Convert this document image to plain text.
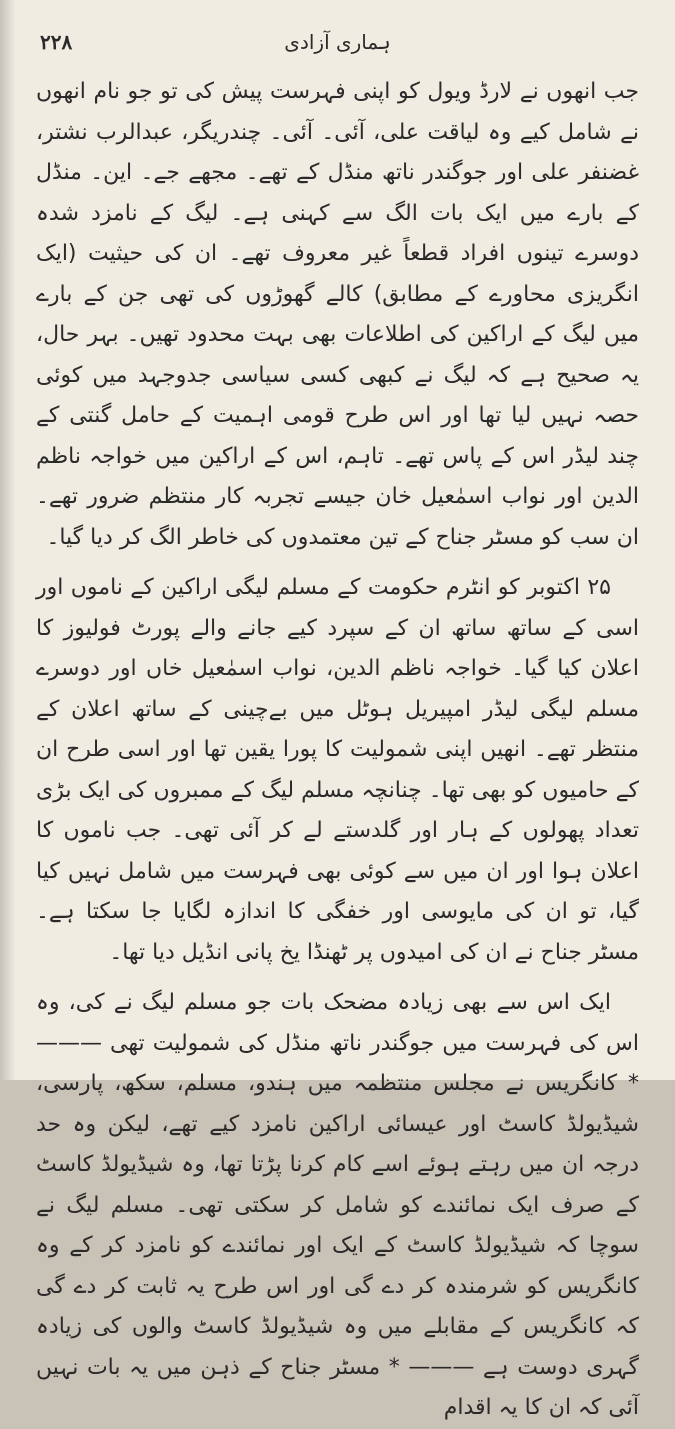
۲۲۸	ہماری آزادی

جب انھوں نے لارڈ ویول کو اپنی فہرست پیش کی تو جو نام انھوں نے شامل کیے وہ لیاقت علی، آئی۔ آئی۔ چندریگر، عبدالرب نشتر، غضنفر علی اور جوگندر ناتھ منڈل کے تھے۔ مجھے جے۔ این۔ منڈل کے بارے میں ایک بات الگ سے کہنی ہے۔ لیگ کے نامزد شدہ دوسرے تینوں افراد قطعاً غیر معروف تھے۔ ان کی حیثیت (ایک انگریزی محاورے کے مطابق) کالے گھوڑوں کی تھی جن کے بارے میں لیگ کے اراکین کی اطلاعات بھی بہت محدود تھیں۔ بہر حال، یہ صحیح ہے کہ لیگ نے کبھی کسی سیاسی جدوجہد میں کوئی حصہ نہیں لیا تھا اور اس طرح قومی اہمیت کے حامل گنتی کے چند لیڈر اس کے پاس تھے۔ تاہم، اس کے اراکین میں خواجہ ناظم الدین اور نواب اسمٰعیل خان جیسے تجربہ کار منتظم ضرور تھے۔ ان سب کو مسٹر جناح کے تین معتمدوں کی خاطر الگ کر دیا گیا۔

۲۵ اکتوبر کو انٹرم حکومت کے مسلم لیگی اراکین کے ناموں اور اسی کے ساتھ ساتھ ان کے سپرد کیے جانے والے پورٹ فولیوز کا اعلان کیا گیا۔ خواجہ ناظم الدین، نواب اسمٰعیل خاں اور دوسرے مسلم لیگی لیڈر امپیریل ہوٹل میں بےچینی کے ساتھ اعلان کے منتظر تھے۔ انھیں اپنی شمولیت کا پورا یقین تھا اور اسی طرح ان کے حامیوں کو بھی تھا۔ چنانچہ مسلم لیگ کے ممبروں کی ایک بڑی تعداد پھولوں کے ہار اور گلدستے لے کر آئی تھی۔ جب ناموں کا اعلان ہوا اور ان میں سے کوئی بھی فہرست میں شامل نہیں کیا گیا، تو ان کی مایوسی اور خفگی کا اندازہ لگایا جا سکتا ہے۔ مسٹر جناح نے ان کی امیدوں پر ٹھنڈا یخ پانی انڈیل دیا تھا۔

ایک اس سے بھی زیادہ مضحک بات جو مسلم لیگ نے کی، وہ اس کی فہرست میں جوگندر ناتھ منڈل کی شمولیت تھی ——— * کانگریس نے مجلس منتظمہ میں ہندو، مسلم، سکھ، پارسی، شیڈیولڈ کاسٹ اور عیسائی اراکین نامزد کیے تھے، لیکن وہ حد درجہ ان میں رہتے ہوئے اسے کام کرنا پڑتا تھا، وہ شیڈیولڈ کاسٹ کے صرف ایک نمائندے کو شامل کر سکتی تھی۔ مسلم لیگ نے سوچا کہ شیڈیولڈ کاسٹ کے ایک اور نمائندے کو نامزد کر کے وہ کانگریس کو شرمندہ کر دے گی اور اس طرح یہ ثابت کر دے گی کہ کانگریس کے مقابلے میں وہ شیڈیولڈ کاسٹ والوں کی زیادہ گہری دوست ہے ——— * مسٹر جناح کے ذہن میں یہ بات نہیں آئی کہ ان کا یہ اقدام
